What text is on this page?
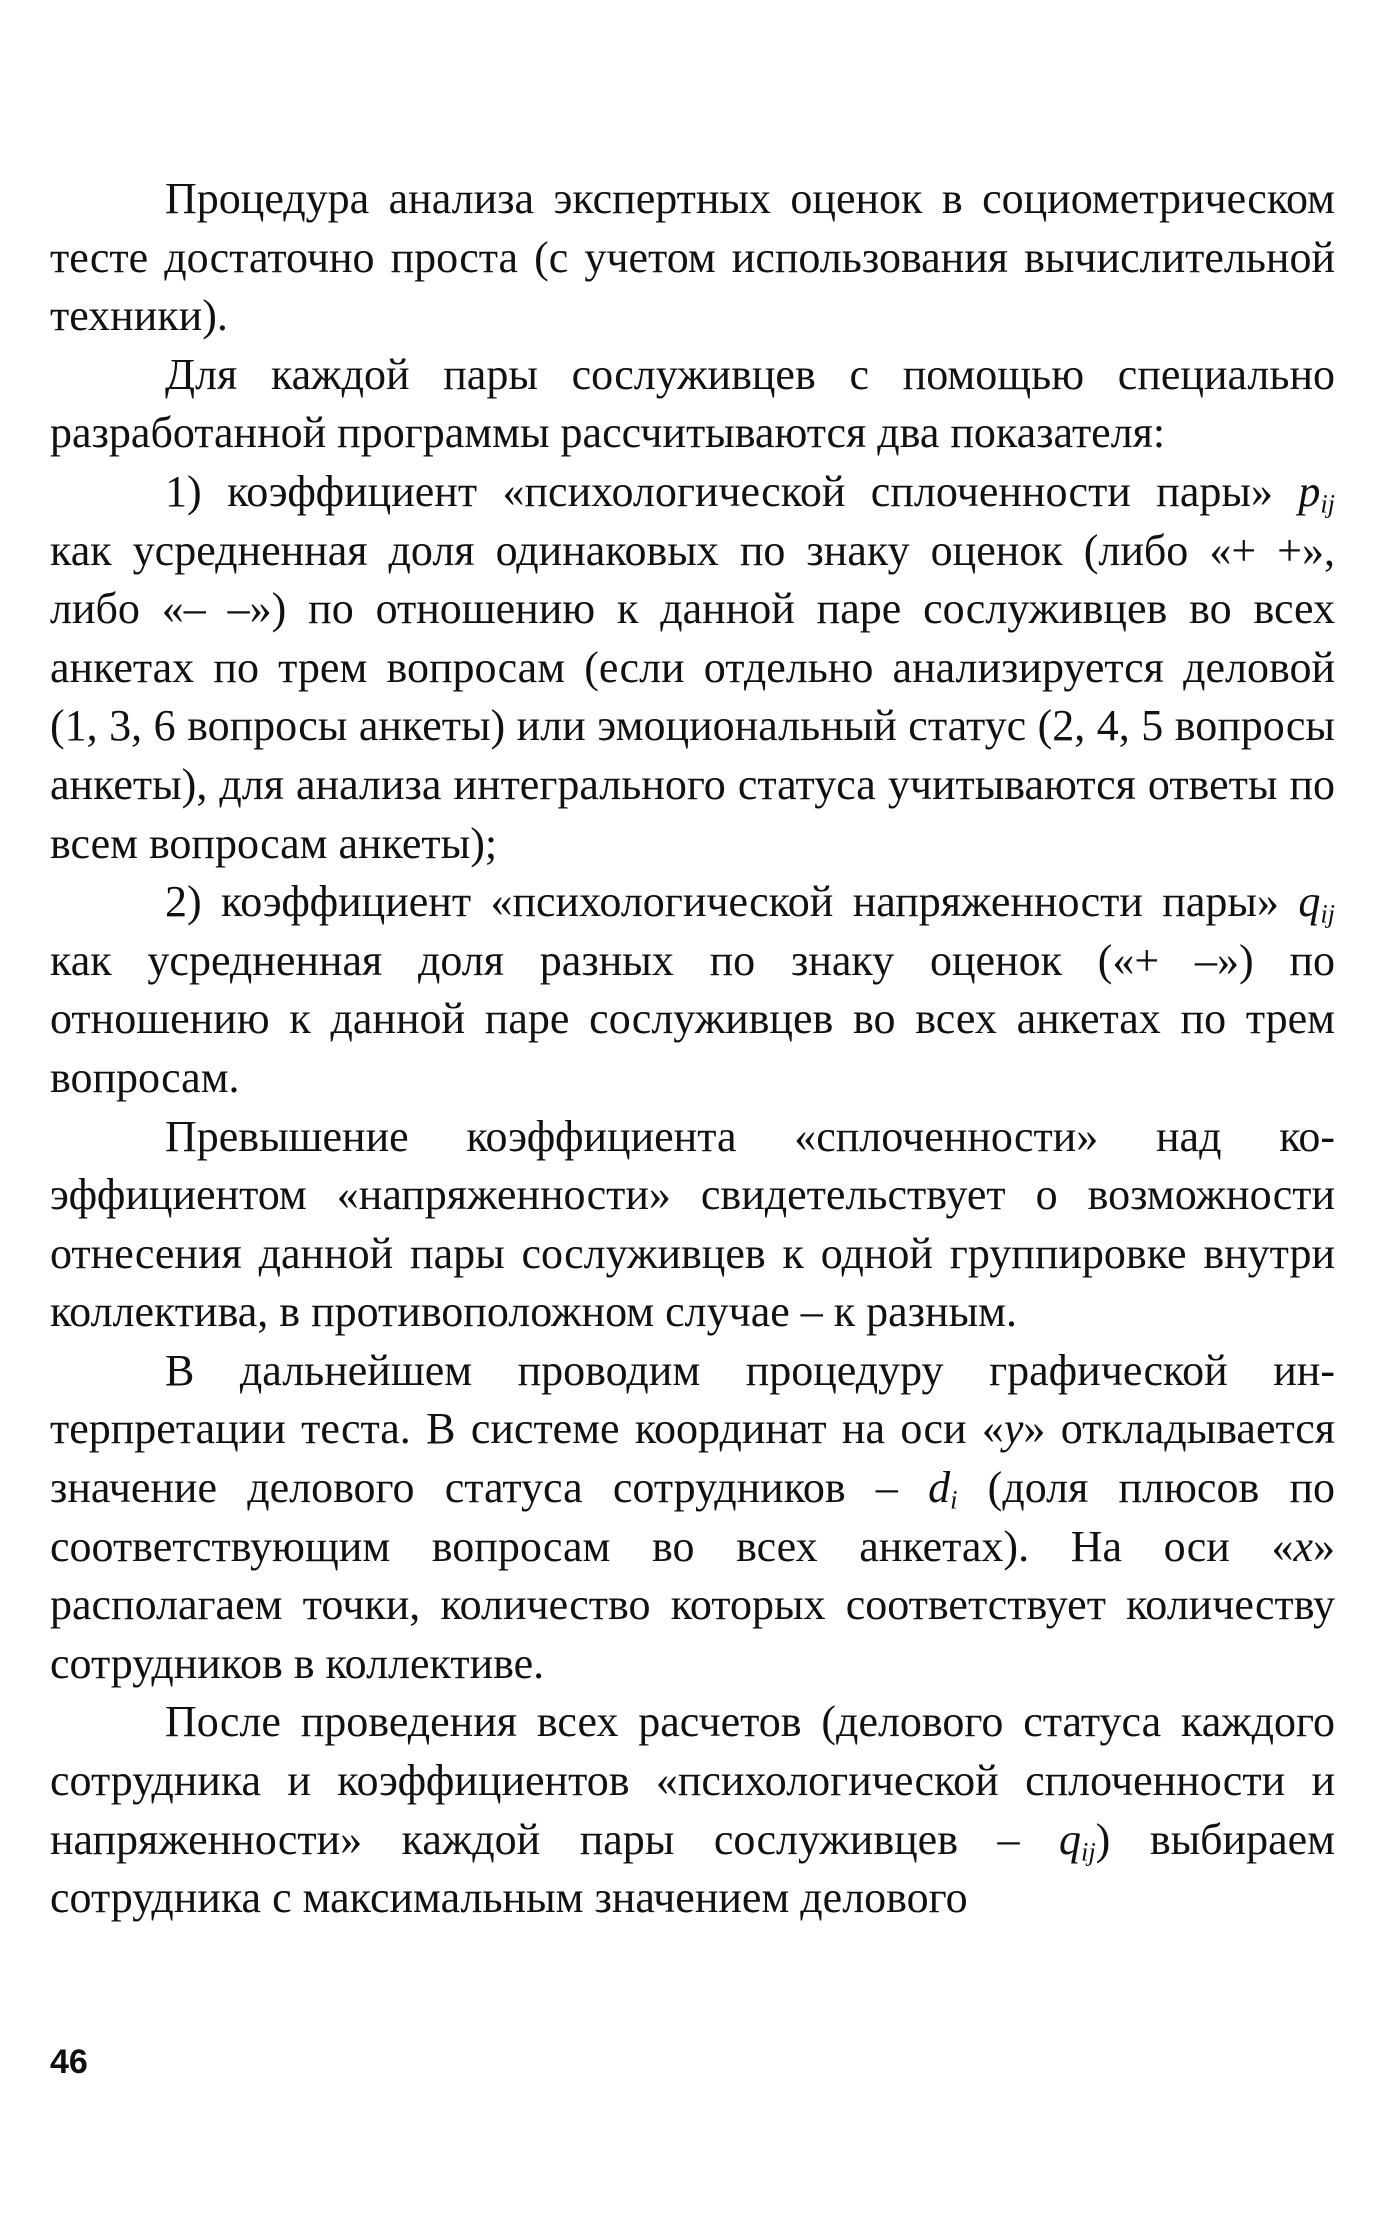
Процедура анализа экспертных оценок в социометрическом тесте достаточно проста (с учетом использования вычислительной техники).

Для каждой пары сослуживцев с помощью специально разработанной программы рассчитываются два показателя:

1) коэффициент «психологической сплоченности пары» $p_{ij}$ как усредненная доля одинаковых по знаку оценок (либо «+ +», либо «– –») по отношению к данной паре сослуживцев во всех анкетах по трем вопросам (если отдельно анализируется деловой (1, 3, 6 вопросы анкеты) или эмоциональный статус (2, 4, 5 вопросы анкеты), для анализа интегрального статуса учитываются ответы по всем вопросам анкеты);

2) коэффициент «психологической напряженности пары» $q_{ij}$ как усредненная доля разных по знаку оценок («+ –») по отношению к данной паре сослуживцев во всех анкетах по трем вопросам.

Превышение коэффициента «сплоченности» над коэффициентом «напряженности» свидетельствует о возможности отнесения данной пары сослуживцев к одной группировке внутри коллектива, в противоположном случае – к разным.

В дальнейшем проводим процедуру графической интерпретации теста. В системе координат на оси «y» откладывается значение делового статуса сотрудников – $d_i$ (доля плюсов по соответствующим вопросам во всех анкетах). На оси «x» располагаем точки, количество которых соответствует количеству сотрудников в коллективе.

После проведения всех расчетов (делового статуса каждого сотрудника и коэффициентов «психологической сплоченности и напряженности» каждой пары сослуживцев – $q_{ij}$) выбираем сотрудника с максимальным значением делового

46
